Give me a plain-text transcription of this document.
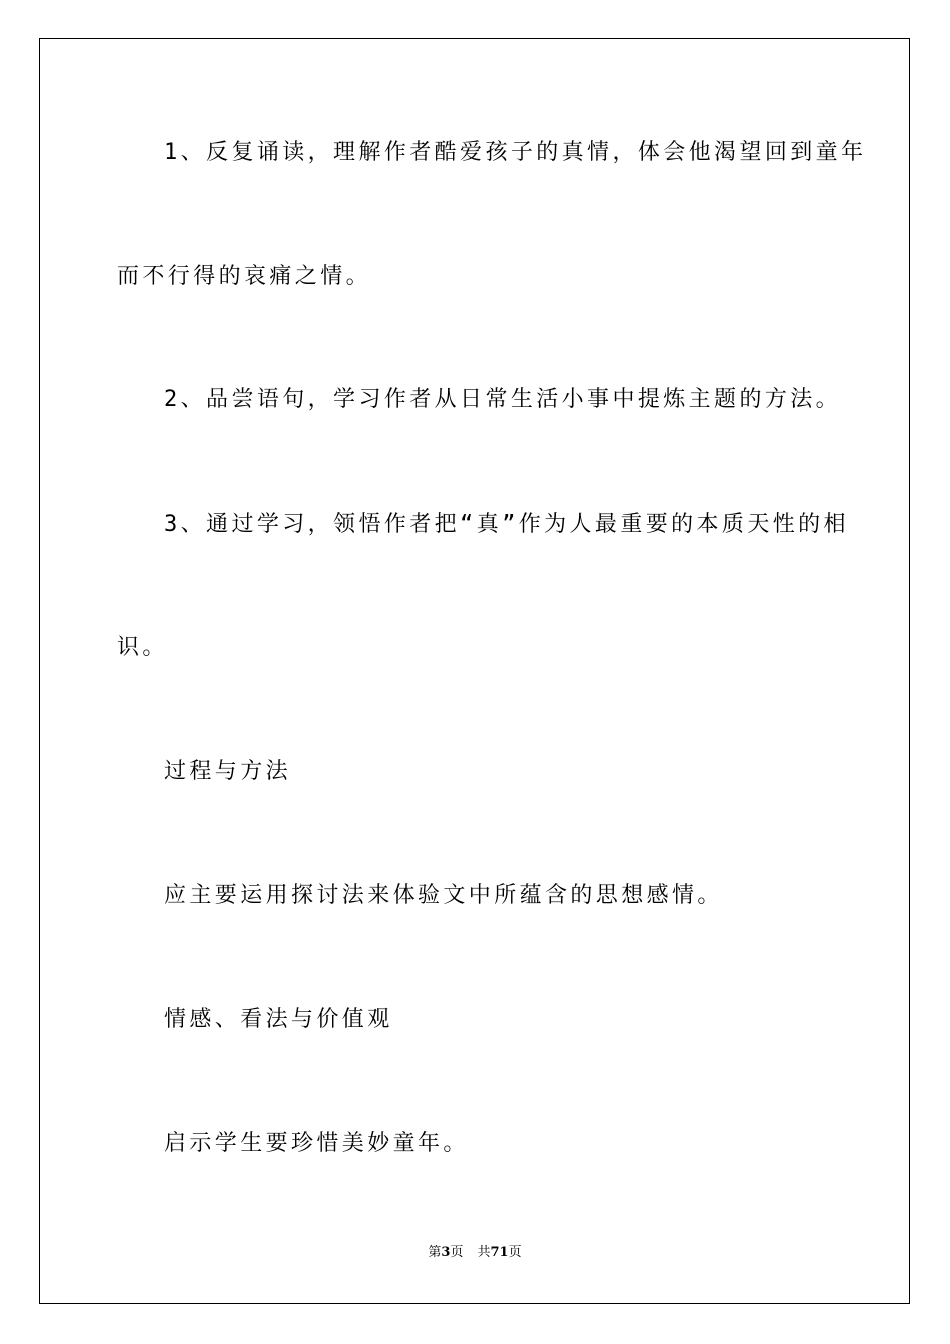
1、反复诵读，理解作者酷爱孩子的真情，体会他渴望回到童年
而不行得的哀痛之情。
2、品尝语句，学习作者从日常生活小事中提炼主题的方法。
3、通过学习，领悟作者把“真”作为人最重要的本质天性的相
识。
过程与方法
应主要运用探讨法来体验文中所蕴含的思想感情。
情感、看法与价值观
启示学生要珍惜美妙童年。
第3页 共71页
